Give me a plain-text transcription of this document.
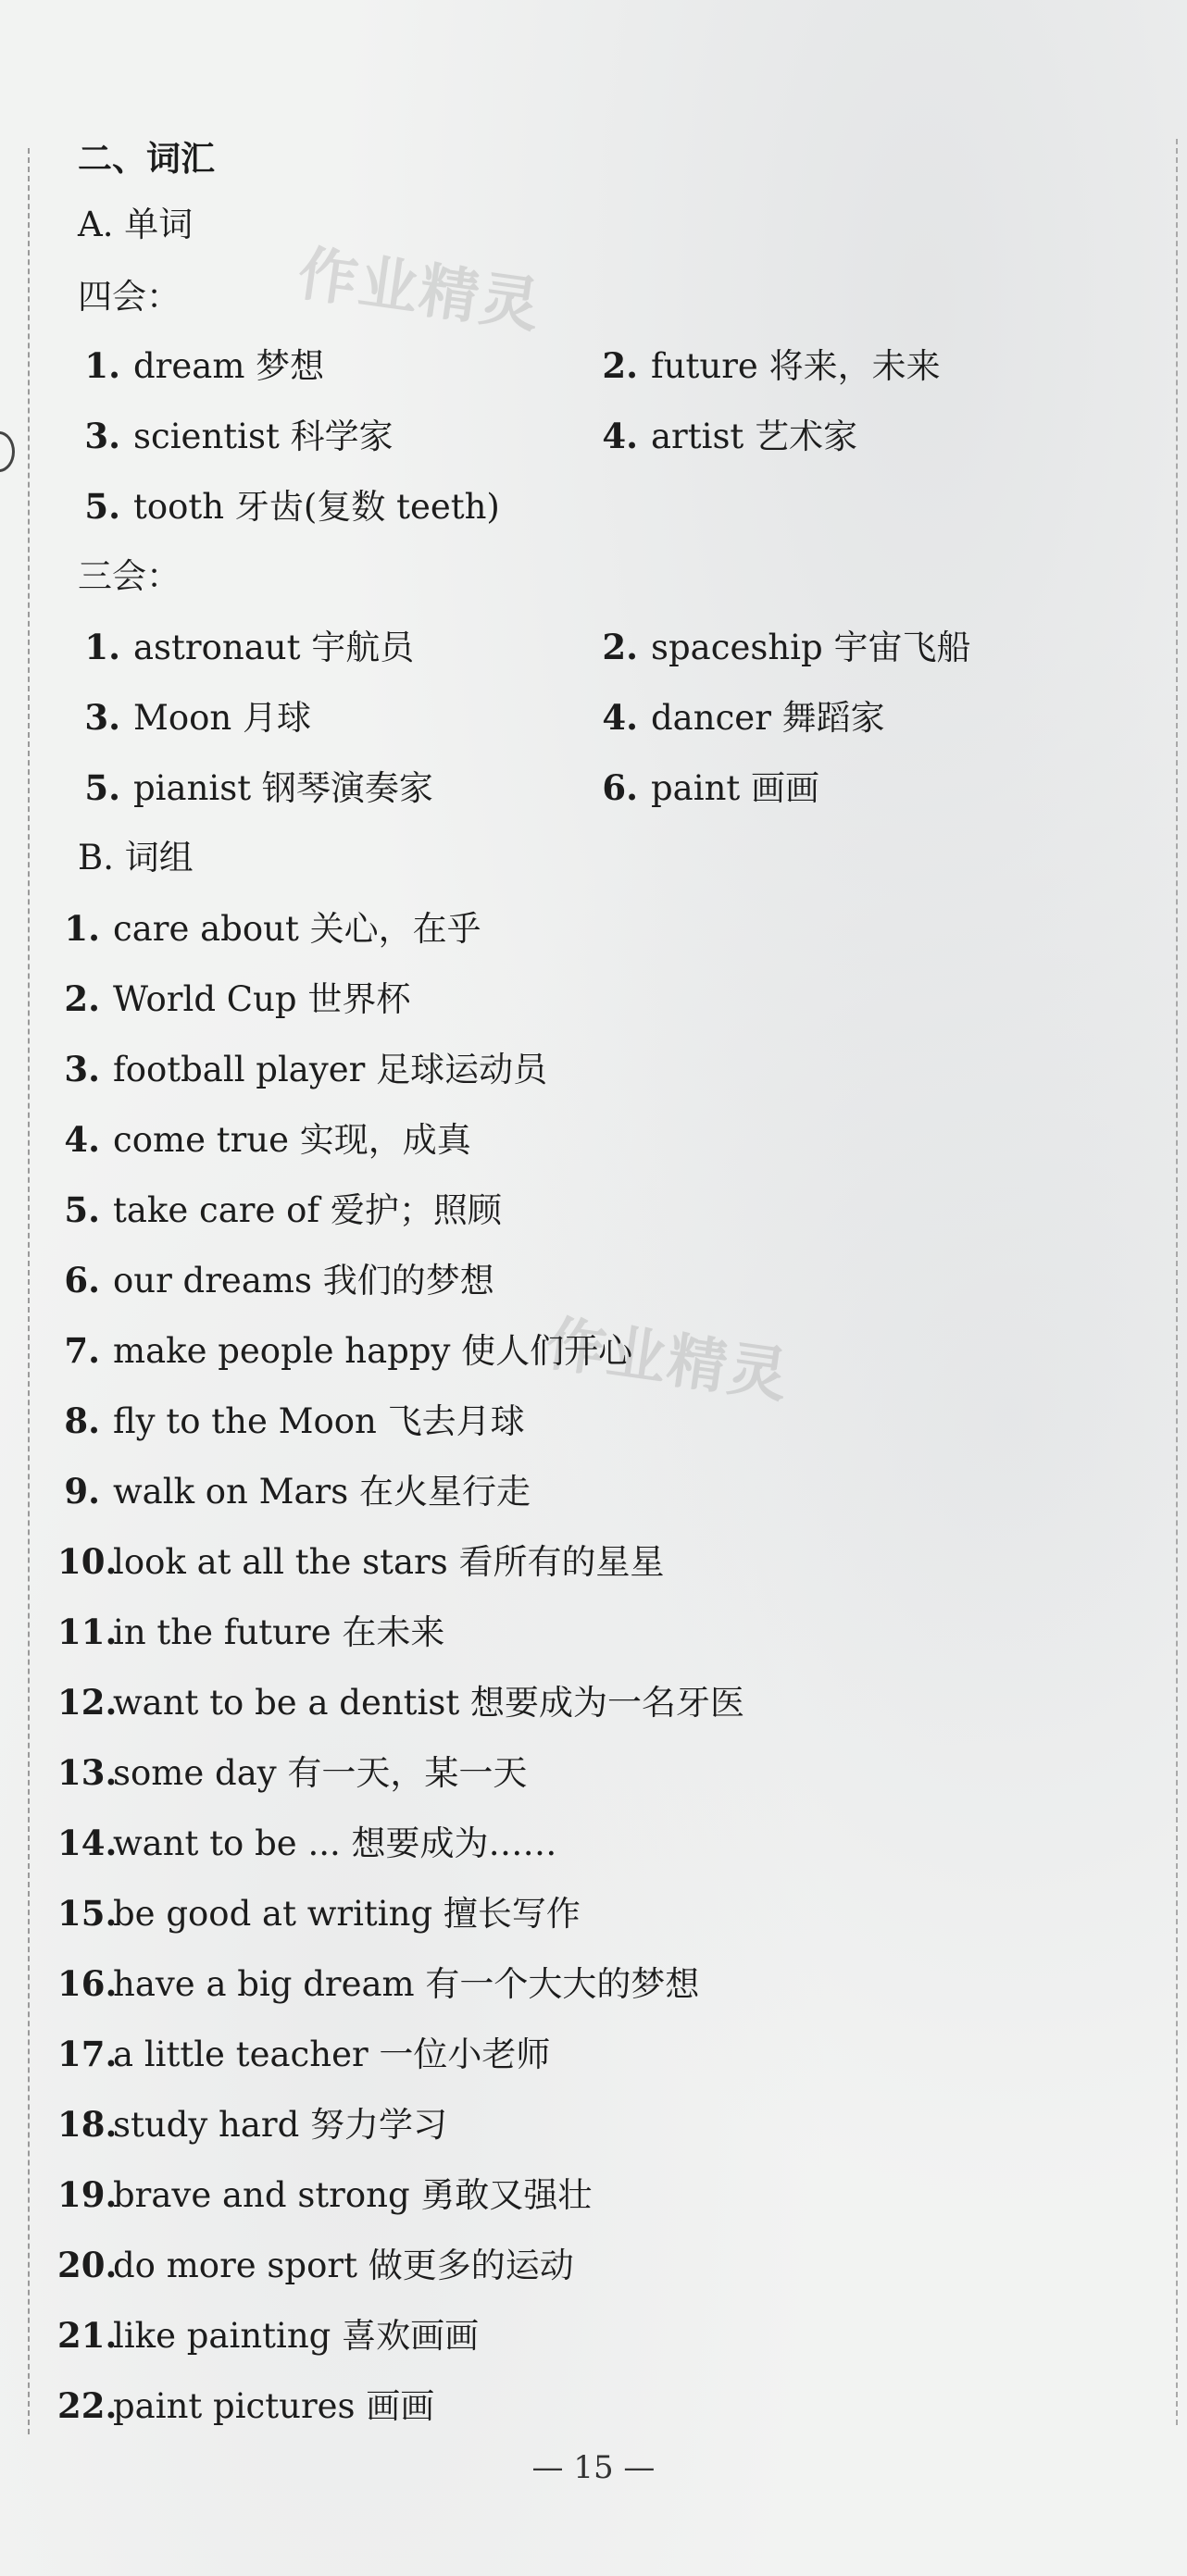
作业精灵
作业精灵
二、词汇
A. 单词
四会：
1. dream 梦想	2. future 将来，未来
3. scientist 科学家	4. artist 艺术家
5. tooth 牙齿(复数 teeth)
三会：
1. astronaut 宇航员	2. spaceship 宇宙飞船
3. Moon 月球	4. dancer 舞蹈家
5. pianist 钢琴演奏家	6. paint 画画
B. 词组
1. care about 关心，在乎
2. World Cup 世界杯
3. football player 足球运动员
4. come true 实现，成真
5. take care of 爱护；照顾
6. our dreams 我们的梦想
7. make people happy 使人们开心
8. fly to the Moon 飞去月球
9. walk on Mars 在火星行走
10.look at all the stars 看所有的星星
11.in the future 在未来
12.want to be a dentist 想要成为一名牙医
13.some day 有一天，某一天
14.want to be ... 想要成为……
15.be good at writing 擅长写作
16.have a big dream 有一个大大的梦想
17.a little teacher 一位小老师
18.study hard 努力学习
19.brave and strong 勇敢又强壮
20.do more sport 做更多的运动
21.like painting 喜欢画画
22.paint pictures 画画
— 15 —
